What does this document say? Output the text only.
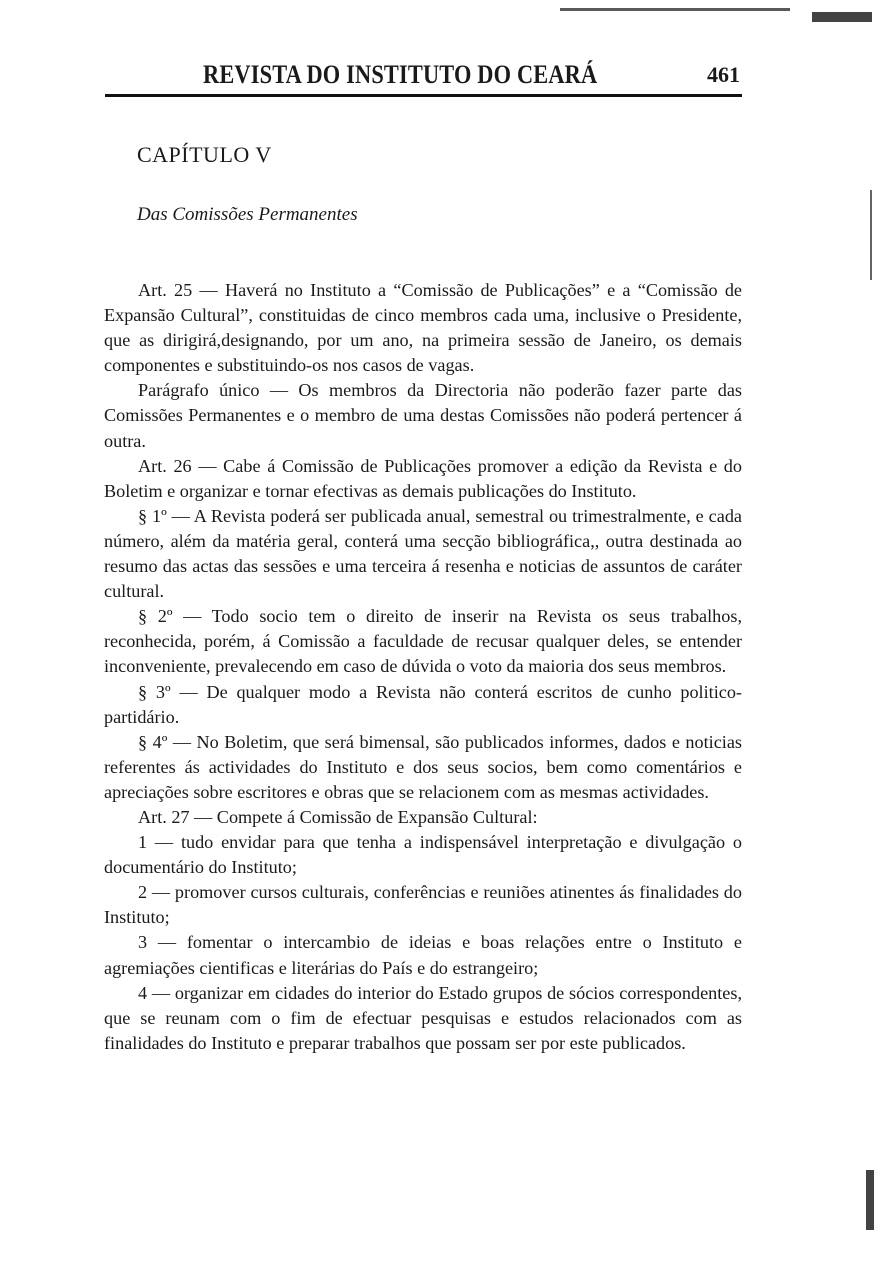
REVISTA DO INSTITUTO DO CEARÁ	461
CAPÍTULO V
Das Comissões Permanentes

Art. 25 — Haverá no Instituto a “Comissão de Publicações” e a “Comissão de Expansão Cultural”, constituidas de cinco membros cada uma, inclusive o Presidente, que as dirigirá,designando, por um ano, na primeira sessão de Janeiro, os demais componentes e substituindo-os nos casos de vagas.

Parágrafo único — Os membros da Directoria não poderão fazer parte das Comissões Permanentes e o membro de uma destas Comissões não poderá pertencer á outra.

Art. 26 — Cabe á Comissão de Publicações promover a edição da Revista e do Boletim e organizar e tornar efectivas as demais publicações do Instituto.

§ 1º — A Revista poderá ser publicada anual, semestral ou trimestralmente, e cada número, além da matéria geral, conterá uma secção bibliográfica,, outra destinada ao resumo das actas das sessões e uma terceira á resenha e noticias de assuntos de caráter cultural.

§ 2º — Todo socio tem o direito de inserir na Revista os seus trabalhos, reconhecida, porém, á Comissão a faculdade de recusar qualquer deles, se entender inconveniente, prevalecendo em caso de dúvida o voto da maioria dos seus membros.

§ 3º — De qualquer modo a Revista não conterá escritos de cunho politico-partidário.

§ 4º — No Boletim, que será bimensal, são publicados informes, dados e noticias referentes ás actividades do Instituto e dos seus socios, bem como comentários e apreciações sobre escritores e obras que se relacionem com as mesmas actividades.

Art. 27 — Compete á Comissão de Expansão Cultural:

1 — tudo envidar para que tenha a indispensável interpretação e divulgação o documentário do Instituto;

2 — promover cursos culturais, conferências e reuniões atinentes ás finalidades do Instituto;

3 — fomentar o intercambio de ideias e boas relações entre o Instituto e agremiações cientificas e literárias do País e do estrangeiro;

4 — organizar em cidades do interior do Estado grupos de sócios correspondentes, que se reunam com o fim de efectuar pesquisas e estudos relacionados com as finalidades do Instituto e preparar trabalhos que possam ser por este publicados.
